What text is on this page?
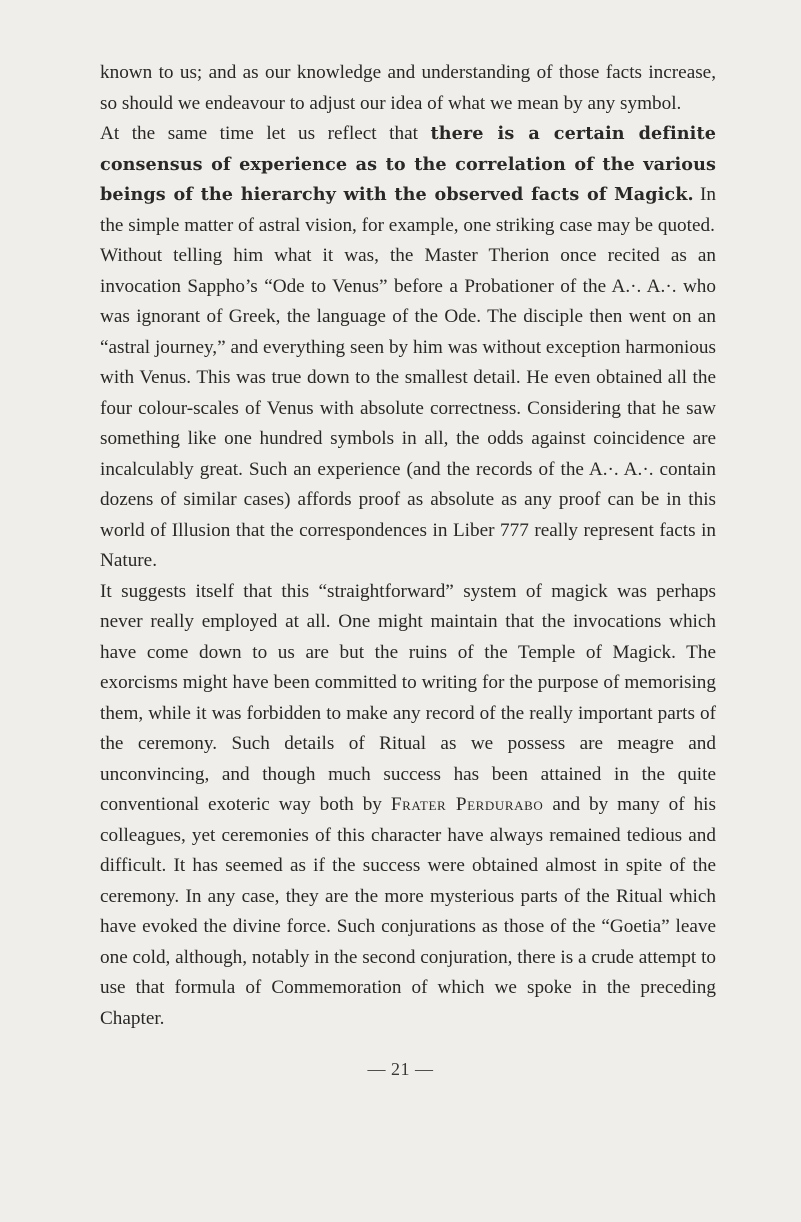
known to us; and as our knowledge and understanding of those facts increase, so should we endeavour to adjust our idea of what we mean by any symbol.

At the same time let us reflect that there is a certain definite consensus of experience as to the correlation of the various beings of the hierarchy with the observed facts of Magick. In the simple matter of astral vision, for example, one striking case may be quoted.

Without telling him what it was, the Master Therion once recited as an invocation Sappho’s “Ode to Venus” before a Probationer of the A.·. A.·. who was ignorant of Greek, the language of the Ode. The disciple then went on an “astral journey,” and everything seen by him was without exception harmonious with Venus. This was true down to the smallest detail. He even obtained all the four colour-scales of Venus with absolute correctness. Considering that he saw something like one hundred symbols in all, the odds against coincidence are incalculably great. Such an experience (and the records of the A.·. A.·. contain dozens of similar cases) affords proof as absolute as any proof can be in this world of Illusion that the correspondences in Liber 777 really represent facts in Nature.

It suggests itself that this “straightforward” system of magick was perhaps never really employed at all. One might maintain that the invocations which have come down to us are but the ruins of the Temple of Magick. The exorcisms might have been committed to writing for the purpose of memorising them, while it was forbidden to make any record of the really important parts of the ceremony. Such details of Ritual as we possess are meagre and unconvincing, and though much success has been attained in the quite conventional exoteric way both by Frater Perdurabo and by many of his colleagues, yet ceremonies of this character have always remained tedious and difficult. It has seemed as if the success were obtained almost in spite of the ceremony. In any case, they are the more mysterious parts of the Ritual which have evoked the divine force. Such conjurations as those of the “Goetia” leave one cold, although, notably in the second conjuration, there is a crude attempt to use that formula of Commemoration of which we spoke in the preceding Chapter.

— 21 —
